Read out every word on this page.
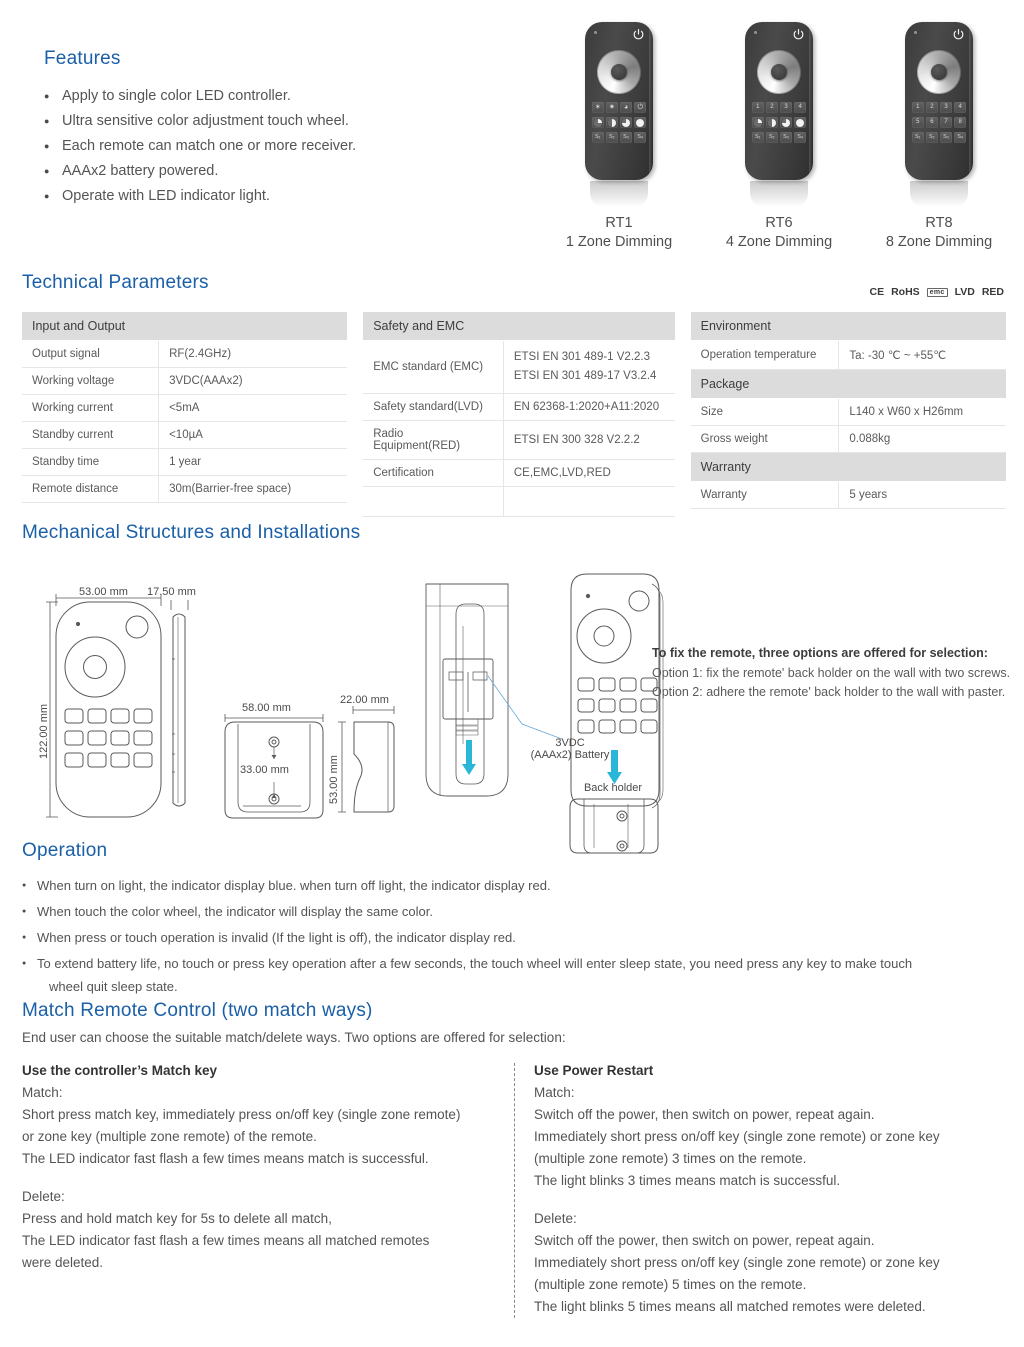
Features
● Apply to single color LED controller.
● Ultra sensitive color adjustment touch wheel.
● Each remote can match one or more receiver.
● AAAx2 battery powered.
● Operate with LED indicator light.
✶	✷	◕	⏻
S₁	S₂	S₃	S₄
RT1
1 Zone Dimming
1	2	3	4
S₁	S₂	S₃	S₄
RT6
4 Zone Dimming
1	2	3	4
5	6	7	8
S₁	S₂	S₃	S₄
RT8
8 Zone Dimming
Technical Parameters	CE RoHS	emc LVD RED
Input and Output	
Output signal	RF(2.4GHz)
Working voltage	3VDC(AAAx2)
Working current	<5mA
Standby current	<10µA
Standby time	1 year
Remote distance	30m(Barrier-free space)
Safety and EMC	
EMC standard (EMC)	ETSI EN 301 489-1 V2.2.3
ETSI EN 301 489-17 V3.2.4

Safety standard(LVD)	EN 62368-1:2020+A11:2020
Radio Equipment(RED)	ETSI EN 300 328 V2.2.2
Certification	CE,EMC,LVD,RED

Environment	
Operation temperature	Ta: -30 ℃ ~ +55℃
Package	
Size	L140 x W60 x H26mm
Gross weight	0.088kg
Warranty	
Warranty	5 years
Mechanical Structures and Installations
53.00 mm
122.00 mm
17.50 mm
58.00 mm
33.00 mm
22.00 mm
53.00 mm
3VDC
(AAAx2) Battery
Back holder
To fix the remote, three options are offered for selection:
Option 1: fix the remote' back holder on the wall with two screws.
Option 2: adhere the remote' back holder to the wall with paster.
Operation
● When turn on light, the indicator display blue. when turn off light, the indicator display red.
● When touch the color wheel, the indicator will display the same color.
● When press or touch operation is invalid (If the light is off), the indicator display red.
● To extend battery life, no touch or press key operation after a few seconds, the touch wheel will enter sleep state, you need press any key to make touch
wheel quit sleep state.
Match Remote Control (two match ways)
End user can choose the suitable match/delete ways. Two options are offered for selection:
Use the controller’s Match key
Match:

Short press match key, immediately press on/off key (single zone remote)

or zone key (multiple zone remote) of the remote.

The LED indicator fast flash a few times means match is successful.

Delete:

Press and hold match key for 5s to delete all match,

The LED indicator fast flash a few times means all matched remotes

were deleted.

Use Power Restart
Match:

Switch off the power, then switch on power, repeat again.

Immediately short press on/off key (single zone remote) or zone key

(multiple zone remote) 3 times on the remote.

The light blinks 3 times means match is successful.

Delete:

Switch off the power, then switch on power, repeat again.

Immediately short press on/off key (single zone remote) or zone key

(multiple zone remote) 5 times on the remote.

The light blinks 5 times means all matched remotes were deleted.
